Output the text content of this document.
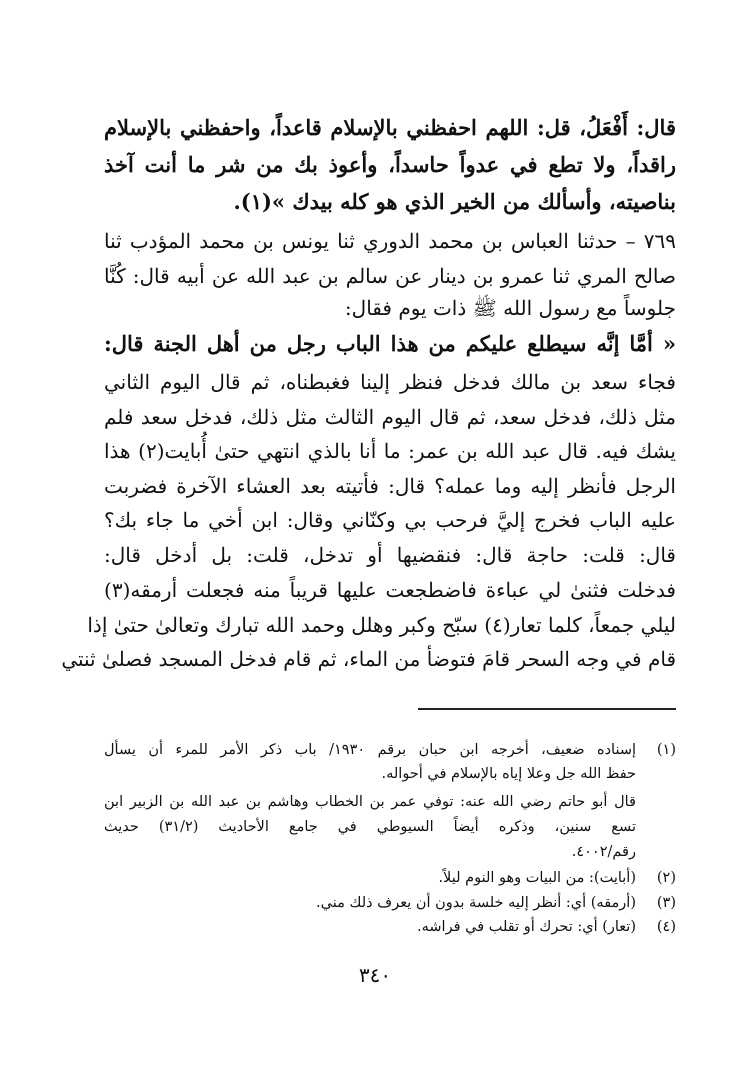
قال: أَفْعَلُ، قل: اللهم احفظني بالإسلام قاعداً، واحفظني بالإسلام
راقداً، ولا تطع في عدواً حاسداً، وأعوذ بك من شر ما أنت آخذ
بناصيته، وأسألك من الخير الذي هو كله بيدك »(١).
٧٦٩ – حدثنا العباس بن محمد الدوري ثنا يونس بن محمد المؤدب ثنا
صالح المري ثنا عمرو بن دينار عن سالم بن عبد الله عن أبيه قال: كُنَّا
جلوساً مع رسول الله ﷺ ذات يوم فقال:
« أمَّا إنَّه سيطلع عليكم من هذا الباب رجل من أهل الجنة قال:
فجاء سعد بن مالك فدخل فنظر إلينا فغبطناه، ثم قال اليوم الثاني
مثل ذلك، فدخل سعد، ثم قال اليوم الثالث مثل ذلك، فدخل سعد فلم
يشك فيه. قال عبد الله بن عمر: ما أنا بالذي انتهي حتىٰ أُبايت(٢) هذا
الرجل فأنظر إليه وما عمله؟ قال: فأتيته بعد العشاء الآخرة فضربت
عليه الباب فخرج إليَّ فرحب بي وكنّاني وقال: ابن أخي ما جاء بك؟
قال: قلت: حاجة قال: فنقضيها أو تدخل، قلت: بل أدخل قال:
فدخلت فثنىٰ لي عباءة فاضطجعت عليها قريباً منه فجعلت أرمقه(٣)
ليلي جمعاً، كلما تعار(٤) سبّح وكبر وهلل وحمد الله تبارك وتعالىٰ حتىٰ إذا
قام في وجه السحر قامَ فتوضأ من الماء، ثم قام فدخل المسجد فصلىٰ ثنتي
(١)
إسناده ضعيف، أخرجه ابن حبان برقم ١٩٣٠/ باب ذكر الأمر للمرء أن يسأل
حفظ الله جل وعلا إياه بالإسلام في أحواله.
قال أبو حاتم رضي الله عنه: توفي عمر بن الخطاب وهاشم بن عبد الله بن الزبير ابن
تسع سنين، وذكره أيضاً السيوطي في جامع الأحاديث (٣١/٢) حديث
رقم/٤٠٠٢.
(٢)
(أبايت): من البيات وهو النوم ليلاً.
(٣)
(أرمقه) أي: أنظر إليه خلسة بدون أن يعرف ذلك مني.
(٤)
(تعار) أي: تحرك أو تقلب في فراشه.
٣٤٠
